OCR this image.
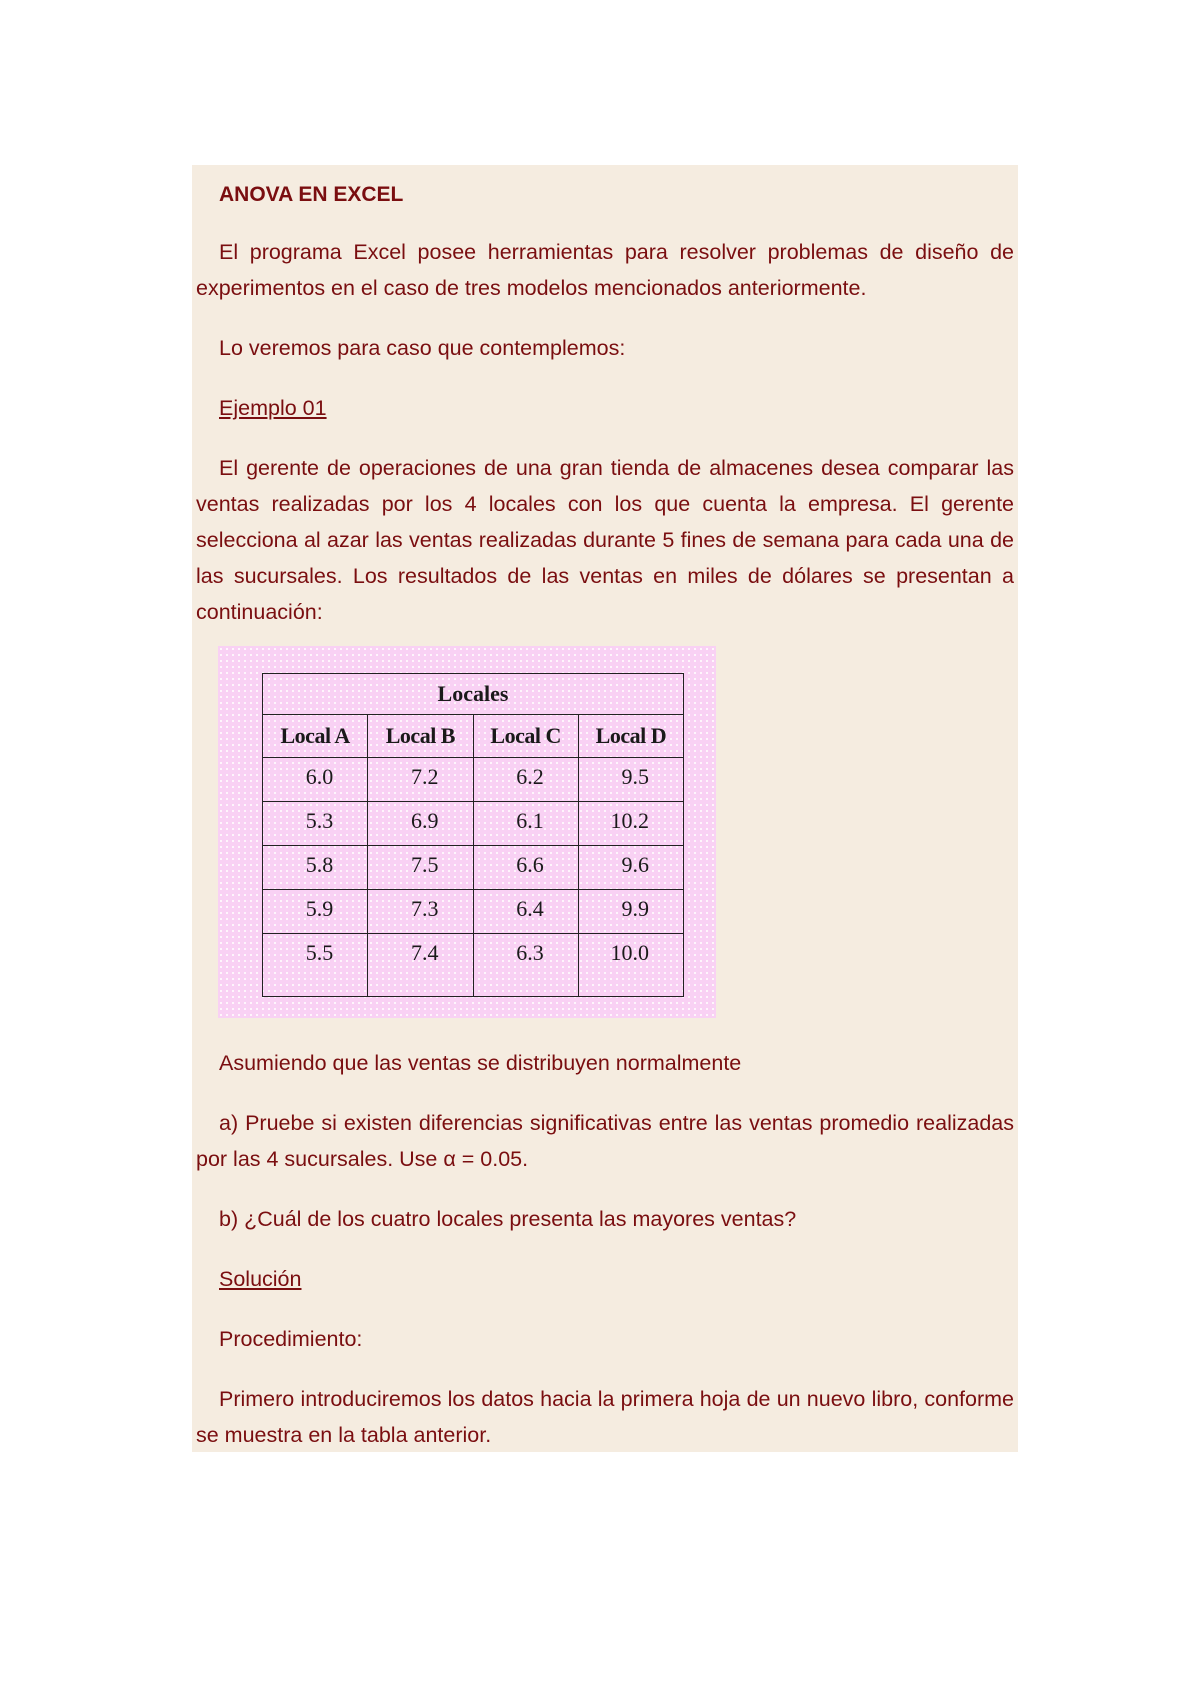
ANOVA EN EXCEL

El programa Excel posee herramientas para resolver problemas de diseño de experimentos en el caso de tres modelos mencionados anteriormente.

Lo veremos para caso que contemplemos:

Ejemplo 01

El gerente de operaciones de una gran tienda de almacenes desea comparar las ventas realizadas por los 4 locales con los que cuenta la empresa. El gerente selecciona al azar las ventas realizadas durante 5 fines de semana para cada una de las sucursales. Los resultados de las ventas en miles de dólares se presentan a continuación:

Locales			
Local A	Local B	Local C	Local D
6.0	7.2	6.2	9.5
5.3	6.9	6.1	10.2
5.8	7.5	6.6	9.6
5.9	7.3	6.4	9.9
5.5	7.4	6.3	10.0

Asumiendo que las ventas se distribuyen normalmente

a) Pruebe si existen diferencias significativas entre las ventas promedio realizadas por las 4 sucursales. Use α = 0.05.

b) ¿Cuál de los cuatro locales presenta las mayores ventas?

Solución

Procedimiento:

Primero introduciremos los datos hacia la primera hoja de un nuevo libro, conforme se muestra en la tabla anterior.
